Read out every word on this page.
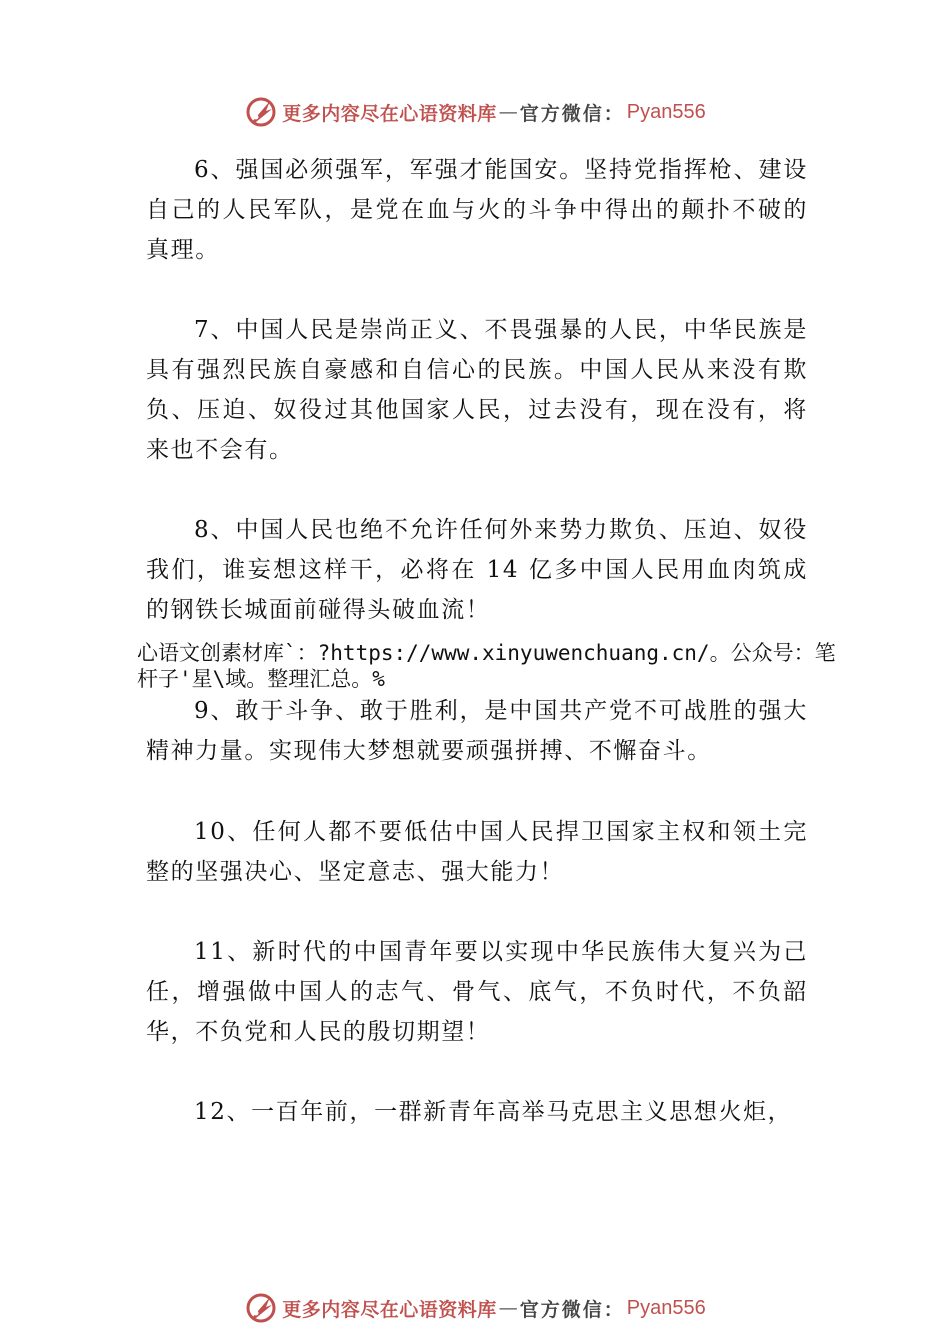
更多内容尽在心语资料库 — 官方微信： Pyan556

6、强国必须强军，军强才能国安。坚持党指挥枪、建设自己的人民军队，是党在血与火的斗争中得出的颠扑不破的真理。

7、中国人民是崇尚正义、不畏强暴的人民，中华民族是具有强烈民族自豪感和自信心的民族。中国人民从来没有欺负、压迫、奴役过其他国家人民，过去没有，现在没有，将来也不会有。

8、中国人民也绝不允许任何外来势力欺负、压迫、奴役我们，谁妄想这样干，必将在 14 亿多中国人民用血肉筑成的钢铁长城面前碰得头破血流！

心语文创素材库`：?https://www.xinyuwenchuang.cn/。公众号：笔杆子'星\域。整理汇总。%

9、敢于斗争、敢于胜利，是中国共产党不可战胜的强大精神力量。实现伟大梦想就要顽强拼搏、不懈奋斗。

10、任何人都不要低估中国人民捍卫国家主权和领土完整的坚强决心、坚定意志、强大能力！

11、新时代的中国青年要以实现中华民族伟大复兴为己任，增强做中国人的志气、骨气、底气，不负时代，不负韶华，不负党和人民的殷切期望！

12、一百年前，一群新青年高举马克思主义思想火炬，

更多内容尽在心语资料库 — 官方微信： Pyan556
